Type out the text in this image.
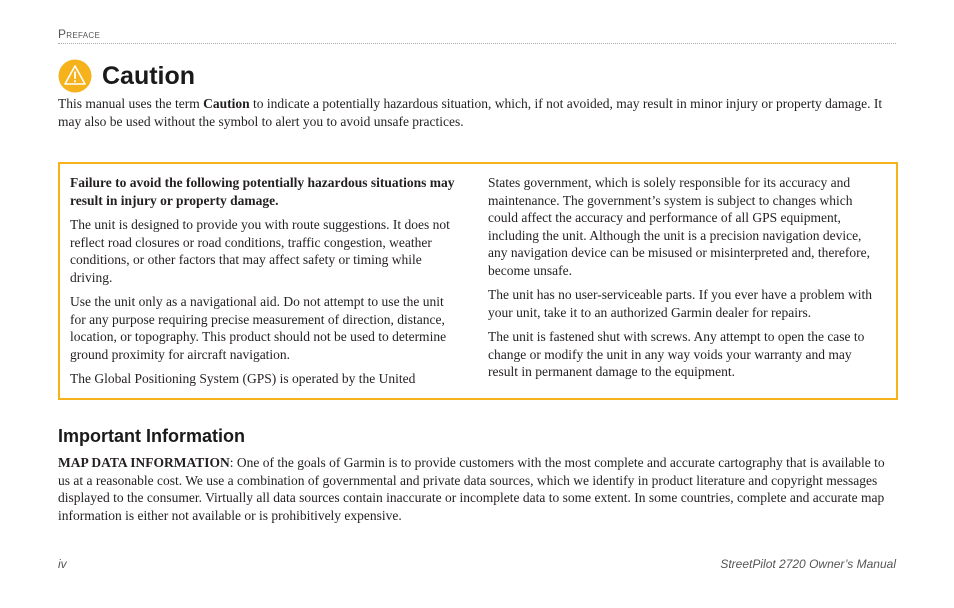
Preface
Caution

This manual uses the term Caution to indicate a potentially hazardous situation, which, if not avoided, may result in minor injury or property damage. It may also be used without the symbol to alert you to avoid unsafe practices.

Failure to avoid the following potentially hazardous situations may result in injury or property damage.

The unit is designed to provide you with route suggestions. It does not reflect road closures or road conditions, traffic congestion, weather conditions, or other factors that may affect safety or timing while driving.

Use the unit only as a navigational aid. Do not attempt to use the unit for any purpose requiring precise measurement of direction, distance, location, or topography. This product should not be used to determine ground proximity for aircraft navigation.

The Global Positioning System (GPS) is operated by the United

States government, which is solely responsible for its accuracy and maintenance. The government’s system is subject to changes which could affect the accuracy and performance of all GPS equipment, including the unit. Although the unit is a precision navigation device, any navigation device can be misused or misinterpreted and, therefore, become unsafe.

The unit has no user-serviceable parts. If you ever have a problem with your unit, take it to an authorized Garmin dealer for repairs.

The unit is fastened shut with screws. Any attempt to open the case to change or modify the unit in any way voids your warranty and may result in permanent damage to the equipment.

Important Information

MAP DATA INFORMATION: One of the goals of Garmin is to provide customers with the most complete and accurate cartography that is available to us at a reasonable cost. We use a combination of governmental and private data sources, which we identify in product literature and copyright messages displayed to the consumer. Virtually all data sources contain inaccurate or incomplete data to some extent. In some countries, complete and accurate map information is either not available or is prohibitively expensive.

iv	StreetPilot 2720 Owner’s Manual
